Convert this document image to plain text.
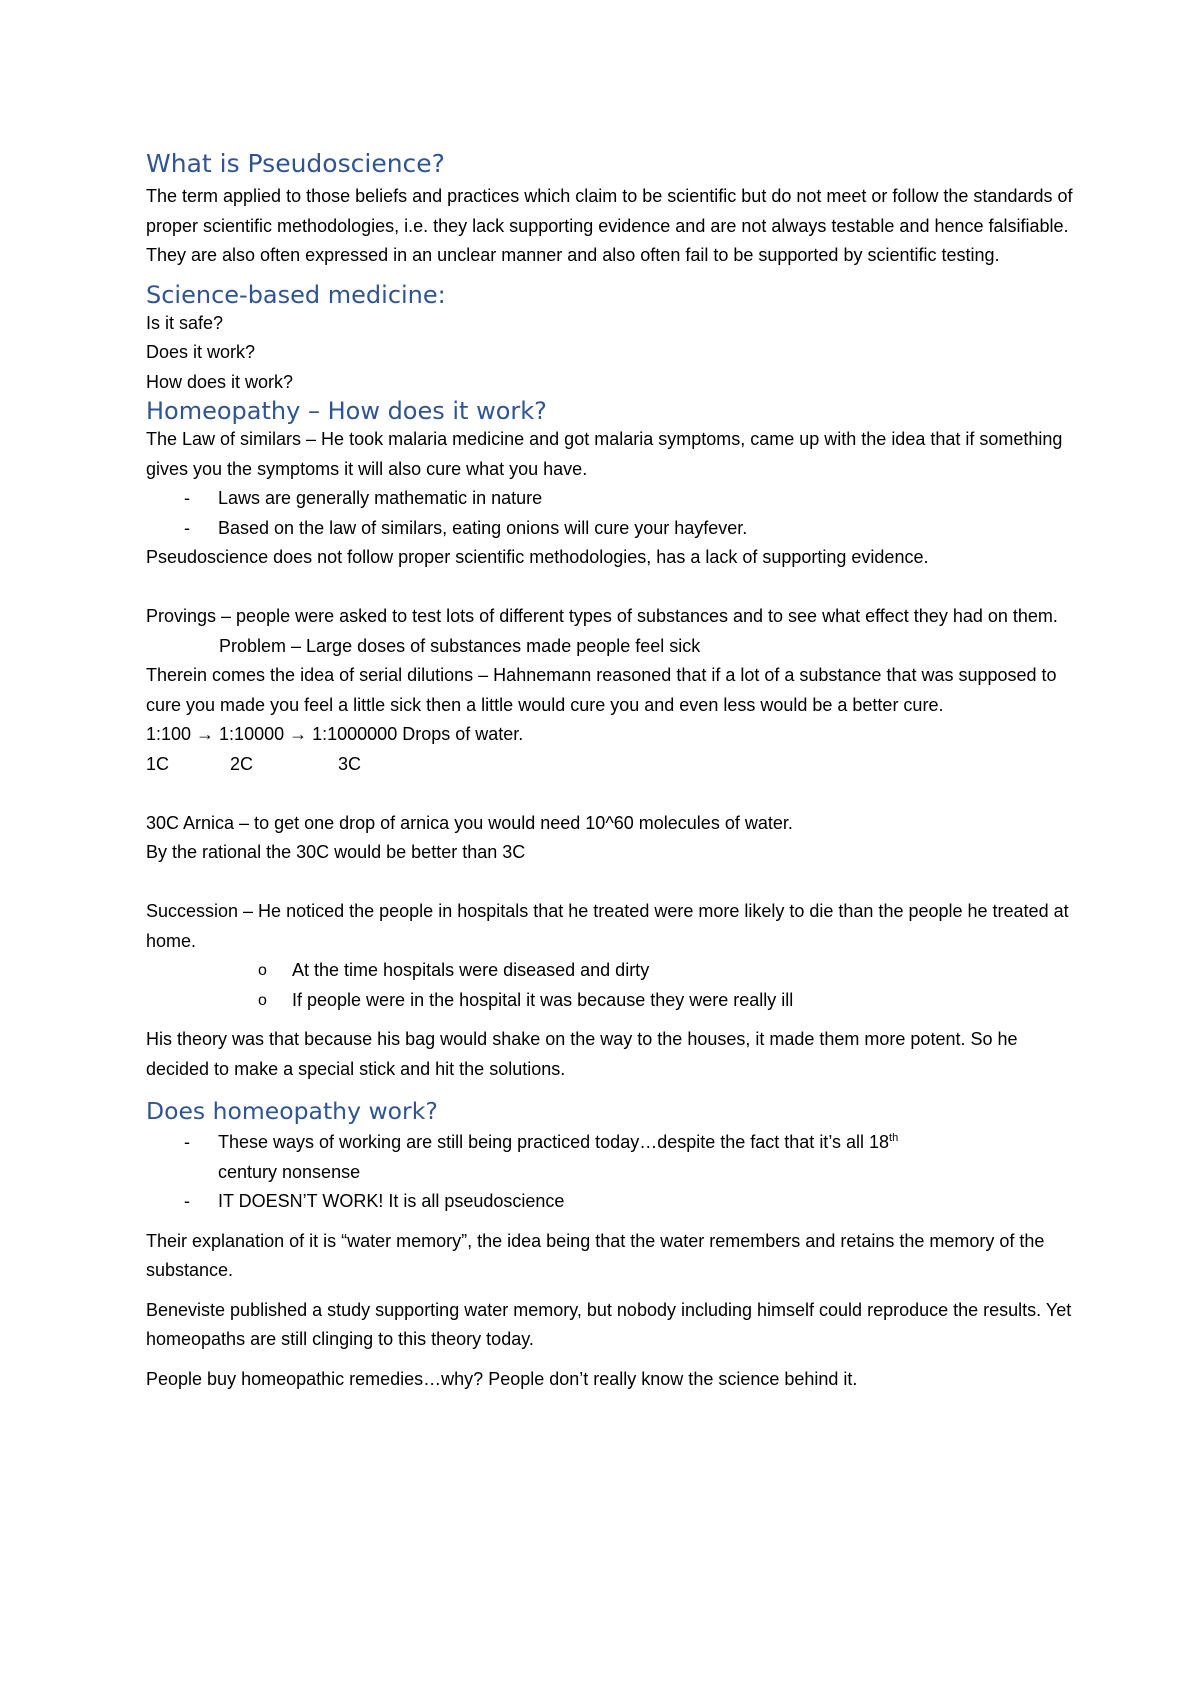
What is Pseudoscience?

The term applied to those beliefs and practices which claim to be scientific but do not meet or follow the standards of proper scientific methodologies, i.e. they lack supporting evidence and are not always testable and hence falsifiable. They are also often expressed in an unclear manner and also often fail to be supported by scientific testing.

Science-based medicine:

Is it safe?

Does it work?

How does it work?

Homeopathy – How does it work?

The Law of similars – He took malaria medicine and got malaria symptoms, came up with the idea that if something gives you the symptoms it will also cure what you have.

- Laws are generally mathematic in nature
- Based on the law of similars, eating onions will cure your hayfever.

Pseudoscience does not follow proper scientific methodologies, has a lack of supporting evidence.

Provings – people were asked to test lots of different types of substances and to see what effect they had on them.

Problem – Large doses of substances made people feel sick

Therein comes the idea of serial dilutions – Hahnemann reasoned that if a lot of a substance that was supposed to cure you made you feel a little sick then a little would cure you and even less would be a better cure.

1:100 → 1:10000 → 1:1000000 Drops of water.

1C	2C	3C

30C Arnica – to get one drop of arnica you would need 10^60 molecules of water.

By the rational the 30C would be better than 3C

Succession – He noticed the people in hospitals that he treated were more likely to die than the people he treated at home.

o At the time hospitals were diseased and dirty
o If people were in the hospital it was because they were really ill

His theory was that because his bag would shake on the way to the houses, it made them more potent. So he decided to make a special stick and hit the solutions.

Does homeopathy work?
- These ways of working are still being practiced today…despite the fact that it’s all 18th
century nonsense
- IT DOESN’T WORK! It is all pseudoscience

Their explanation of it is “water memory”, the idea being that the water remembers and retains the memory of the substance.

Beneviste published a study supporting water memory, but nobody including himself could reproduce the results. Yet homeopaths are still clinging to this theory today.

People buy homeopathic remedies…why? People don’t really know the science behind it.
